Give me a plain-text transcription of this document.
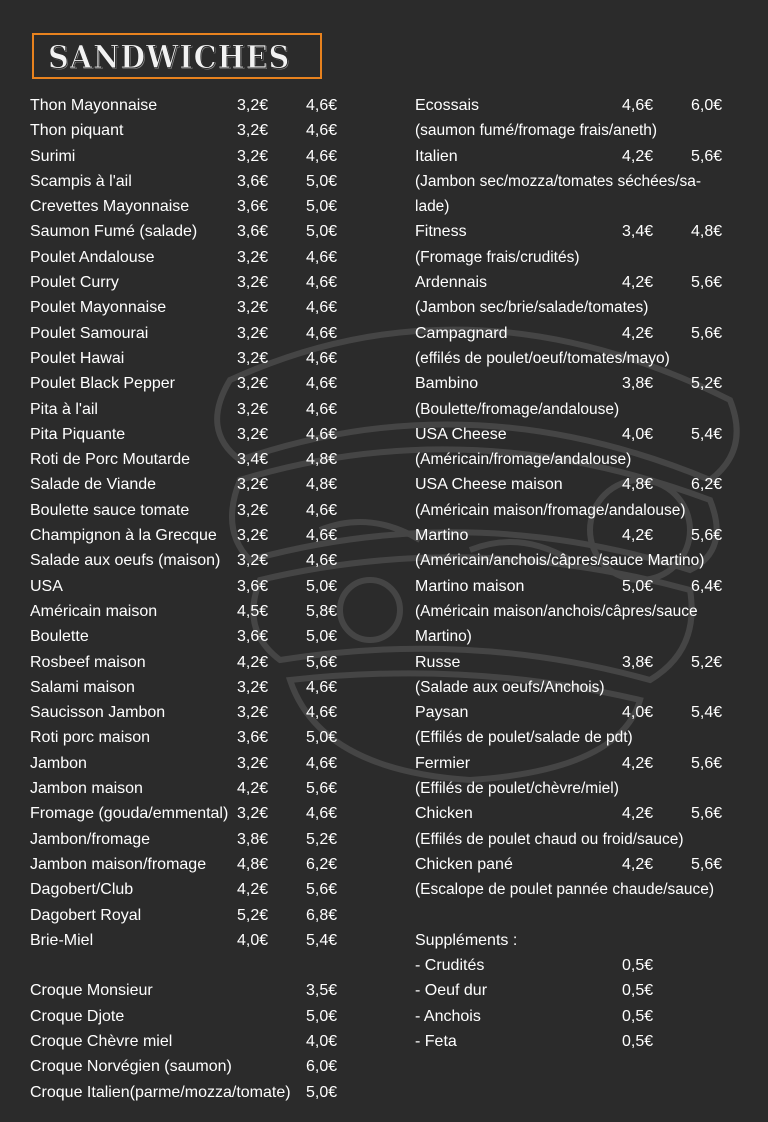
SANDWICHES
Thon Mayonnaise	3,2€ 4,6€
Thon piquant	3,2€ 4,6€
Surimi	3,2€ 4,6€
Scampis à l'ail	3,6€ 5,0€
Crevettes Mayonnaise	3,6€ 5,0€
Saumon Fumé (salade) 3,6€ 5,0€
Poulet Andalouse	3,2€ 4,6€
Poulet Curry	3,2€ 4,6€
Poulet Mayonnaise	3,2€ 4,6€
Poulet Samourai	3,2€ 4,6€
Poulet Hawai	3,2€ 4,6€
Poulet Black Pepper	3,2€ 4,6€
Pita à l'ail	3,2€ 4,6€
Pita Piquante	3,2€ 4,6€
Roti de Porc Moutarde	3,4€ 4,8€
Salade de Viande	3,2€ 4,8€
Boulette sauce tomate	3,2€ 4,6€
Champignon à la Grecque 3,2€ 4,6€
Salade aux oeufs (maison) 3,2€ 4,6€
USA	3,6€ 5,0€
Américain maison	4,5€ 5,8€
Boulette	3,6€ 5,0€
Rosbeef maison	4,2€ 5,6€
Salami maison	3,2€ 4,6€
Saucisson Jambon	3,2€ 4,6€
Roti porc maison	3,6€ 5,0€
Jambon	3,2€ 4,6€
Jambon maison	4,2€ 5,6€
Fromage (gouda/emmental) 3,2€ 4,6€
Jambon/fromage	3,8€ 5,2€
Jambon maison/fromage 4,8€ 6,2€
Dagobert/Club	4,2€ 5,6€
Dagobert Royal	5,2€ 6,8€
Brie-Miel	4,0€ 5,4€
Croque Monsieur	3,5€
Croque Djote	5,0€
Croque Chèvre miel	4,0€
Croque Norvégien (saumon)	6,0€
Croque Italien(parme/mozza/tomate) 5,0€
Ecossais	4,6€ 6,0€
(saumon fumé/fromage frais/aneth)
Italien	4,2€ 5,6€
(Jambon sec/mozza/tomates séchées/sa-
lade)
Fitness	3,4€ 4,8€
(Fromage frais/crudités)
Ardennais	4,2€ 5,6€
(Jambon sec/brie/salade/tomates)
Campagnard	4,2€ 5,6€
(effilés de poulet/oeuf/tomates/mayo)
Bambino	3,8€ 5,2€
(Boulette/fromage/andalouse)
USA Cheese	4,0€ 5,4€
(Américain/fromage/andalouse)
USA Cheese maison	4,8€ 6,2€
(Américain maison/fromage/andalouse)
Martino	4,2€ 5,6€
(Américain/anchois/câpres/sauce Martino)
Martino maison	5,0€ 6,4€
(Américain maison/anchois/câpres/sauce
Martino)
Russe	3,8€ 5,2€
(Salade aux oeufs/Anchois)
Paysan	4,0€ 5,4€
(Effilés de poulet/salade de pdt)
Fermier	4,2€ 5,6€
(Effilés de poulet/chèvre/miel)
Chicken	4,2€ 5,6€
(Effilés de poulet chaud ou froid/sauce)
Chicken pané	4,2€ 5,6€
(Escalope de poulet pannée chaude/sauce)
Suppléments :
- Crudités	0,5€
- Oeuf dur	0,5€
- Anchois	0,5€
- Feta	0,5€
